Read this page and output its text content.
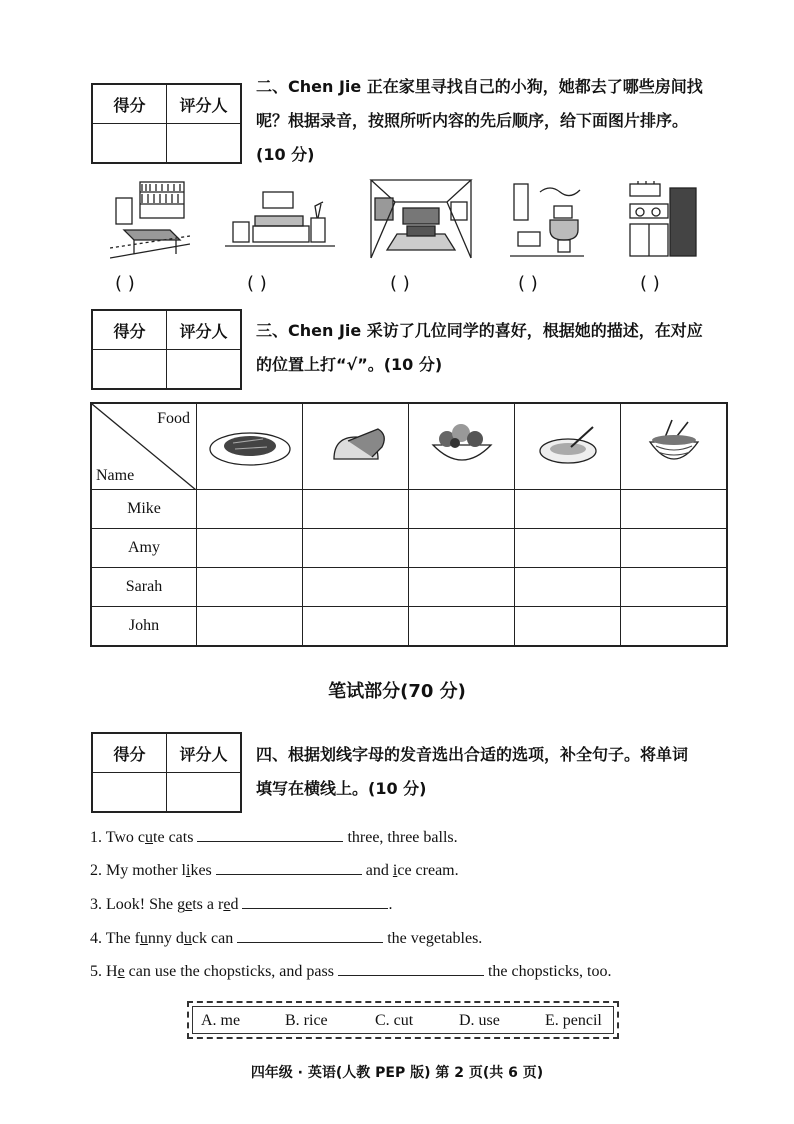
得分	评分人

二、Chen Jie 正在家里寻找自己的小狗，她都去了哪些房间找
呢？根据录音，按照所听内容的先后顺序，给下面图片排序。
(10 分)
( )	( )	( )	( )	( )
得分	评分人
	三、Chen Jie 采访了几位同学的喜好，根据她的描述，在对应
的位置上打“√”。(10 分)
Food
Name

Mike					
Amy					
Sarah					
John					
笔试部分(70 分)
得分	评分人
	四、根据划线字母的发音选出合适的选项，补全句子。将单词
填写在横线上。(10 分)
1. Two cute cats	three, three balls.
2. My mother likes	and ice cream.
3. Look! She gets a red	.
4. The funny duck can	the vegetables.
5. He can use the chopsticks, and pass	the chopsticks, too.
A. me	B. rice	C. cut	D. use	E. pencil
四年级 · 英语(人教 PEP 版) 第 2 页(共 6 页)
